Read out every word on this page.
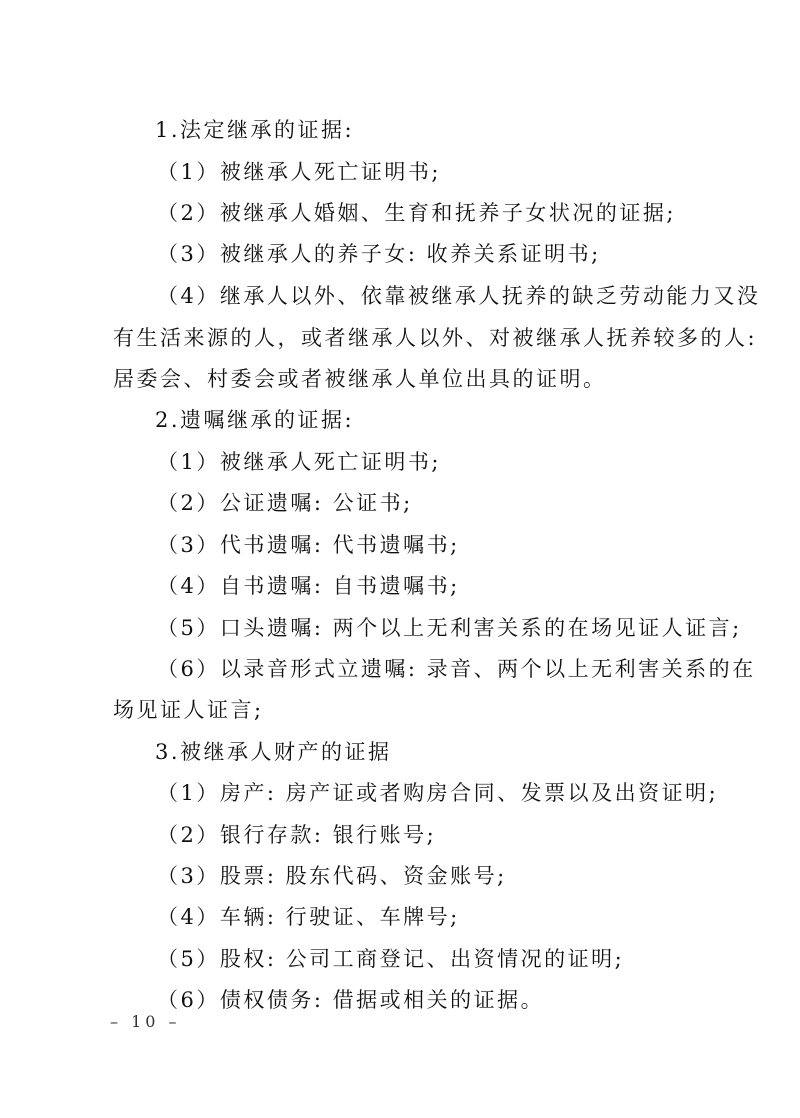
1.法定继承的证据:
（1）被继承人死亡证明书;
（2）被继承人婚姻、生育和抚养子女状况的证据;
（3）被继承人的养子女: 收养关系证明书;
（4）继承人以外、依靠被继承人抚养的缺乏劳动能力又没
有生活来源的人，或者继承人以外、对被继承人抚养较多的人:
居委会、村委会或者被继承人单位出具的证明。
2.遗嘱继承的证据:
（1）被继承人死亡证明书;
（2）公证遗嘱: 公证书;
（3）代书遗嘱: 代书遗嘱书;
（4）自书遗嘱: 自书遗嘱书;
（5）口头遗嘱: 两个以上无利害关系的在场见证人证言;
（6）以录音形式立遗嘱: 录音、两个以上无利害关系的在
场见证人证言;
3.被继承人财产的证据
（1）房产: 房产证或者购房合同、发票以及出资证明;
（2）银行存款: 银行账号;
（3）股票: 股东代码、资金账号;
（4）车辆: 行驶证、车牌号;
（5）股权: 公司工商登记、出资情况的证明;
（6）债权债务: 借据或相关的证据。
– 10 –
